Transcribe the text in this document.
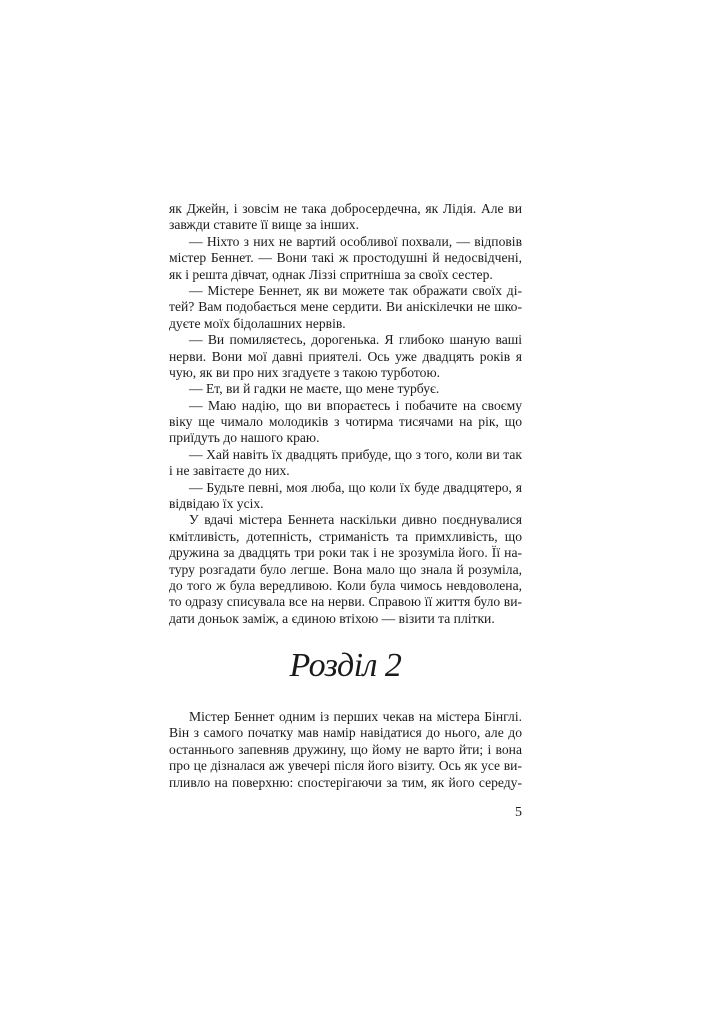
як Джейн, і зовсім не така добросердечна, як Лідія. Але ви
завжди ставите її вище за інших.
— Ніхто з них не вартий особливої похвали, — відповів
містер Беннет. — Вони такі ж простодушні й недосвідчені,
як і решта дівчат, однак Ліззі спритніша за своїх сестер.
— Містере Беннет, як ви можете так ображати своїх ді-
тей? Вам подобається мене сердити. Ви аніскілечки не шко-
дуєте моїх бідолашних нервів.
— Ви помиляєтесь, дорогенька. Я глибоко шаную ваші
нерви. Вони мої давні приятелі. Ось уже двадцять років я
чую, як ви про них згадуєте з такою турботою.
— Ет, ви й гадки не маєте, що мене турбує.
— Маю надію, що ви впораєтесь і побачите на своєму
віку ще чимало молодиків з чотирма тисячами на рік, що
приїдуть до нашого краю.
— Хай навіть їх двадцять прибуде, що з того, коли ви так
і не завітаєте до них.
— Будьте певні, моя люба, що коли їх буде двадцятеро, я
відвідаю їх усіх.
У вдачі містера Беннета наскільки дивно поєднувалися
кмітливість, дотепність, стриманість та примхливість, що
дружина за двадцять три роки так і не зрозуміла його. Її на-
туру розгадати було легше. Вона мало що знала й розуміла,
до того ж була вередливою. Коли була чимось невдоволена,
то одразу списувала все на нерви. Справою її життя було ви-
дати доньок заміж, а єдиною втіхою — візити та плітки.
Розділ 2
Містер Беннет одним із перших чекав на містера Бінглі.
Він з самого початку мав намір навідатися до нього, але до
останнього запевняв дружину, що йому не варто йти; і вона
про це дізналася аж увечері після його візиту. Ось як усе ви-
пливло на поверхню: спостерігаючи за тим, як його середу-
5
